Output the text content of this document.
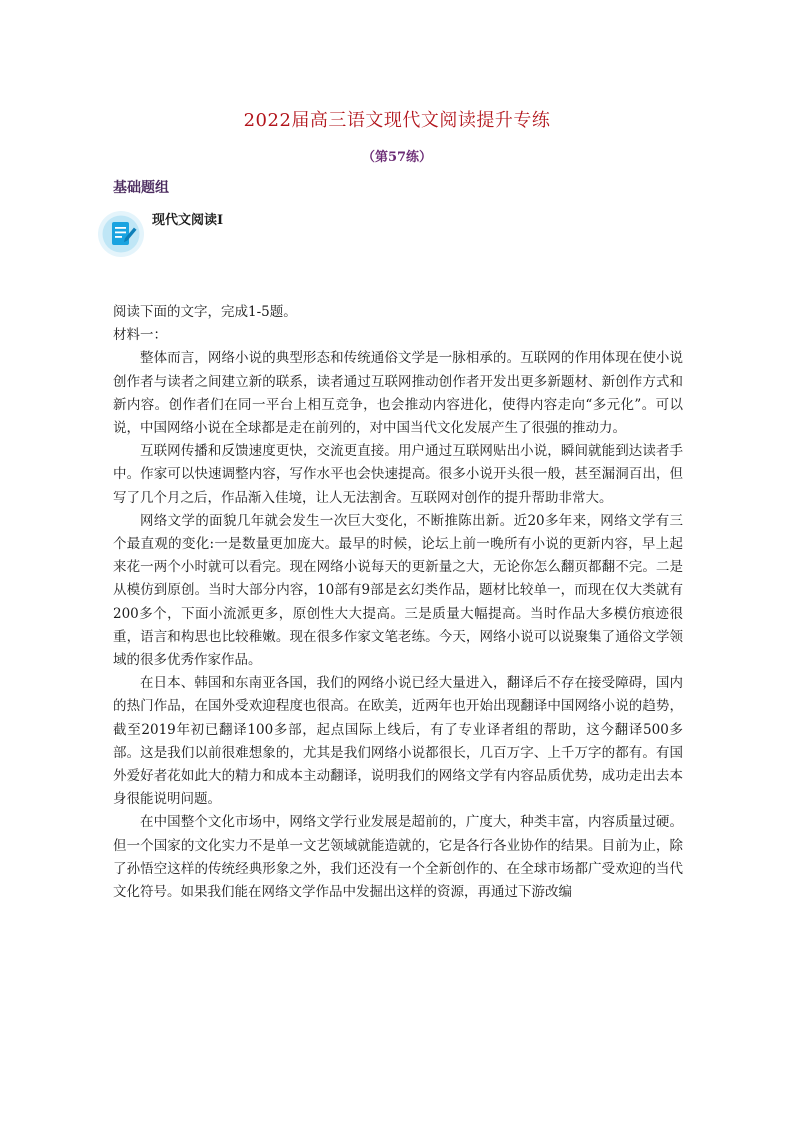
2022届高三语文现代文阅读提升专练
（第57练）
基础题组
现代文阅读Ⅰ

阅读下面的文字，完成1-5题。

材料一：

整体而言，网络小说的典型形态和传统通俗文学是一脉相承的。互联网的作用体现在使小说创作者与读者之间建立新的联系，读者通过互联网推动创作者开发出更多新题材、新创作方式和新内容。创作者们在同一平台上相互竞争，也会推动内容进化，使得内容走向“多元化”。可以说，中国网络小说在全球都是走在前列的，对中国当代文化发展产生了很强的推动力。

互联网传播和反馈速度更快，交流更直接。用户通过互联网贴出小说，瞬间就能到达读者手中。作家可以快速调整内容，写作水平也会快速提高。很多小说开头很一般，甚至漏洞百出，但写了几个月之后，作品渐入佳境，让人无法割舍。互联网对创作的提升帮助非常大。

网络文学的面貌几年就会发生一次巨大变化，不断推陈出新。近20多年来，网络文学有三个最直观的变化:一是数量更加庞大。最早的时候，论坛上前一晚所有小说的更新内容，早上起来花一两个小时就可以看完。现在网络小说每天的更新量之大，无论你怎么翻页都翻不完。二是从模仿到原创。当时大部分内容，10部有9部是玄幻类作品，题材比较单一，而现在仅大类就有200多个，下面小流派更多，原创性大大提高。三是质量大幅提高。当时作品大多模仿痕迹很重，语言和构思也比较稚嫩。现在很多作家文笔老练。今天，网络小说可以说聚集了通俗文学领域的很多优秀作家作品。

在日本、韩国和东南亚各国，我们的网络小说已经大量进入，翻译后不存在接受障碍，国内的热门作品，在国外受欢迎程度也很高。在欧美，近两年也开始出现翻译中国网络小说的趋势，截至2019年初已翻译100多部，起点国际上线后，有了专业译者组的帮助，这今翻译500多部。这是我们以前很难想象的，尤其是我们网络小说都很长，几百万字、上千万字的都有。有国外爱好者花如此大的精力和成本主动翻译，说明我们的网络文学有内容品质优势，成功走出去本身很能说明问题。

在中国整个文化市场中，网络文学行业发展是超前的，广度大，种类丰富，内容质量过硬。但一个国家的文化实力不是单一文艺领域就能造就的，它是各行各业协作的结果。目前为止，除了孙悟空这样的传统经典形象之外，我们还没有一个全新创作的、在全球市场都广受欢迎的当代文化符号。如果我们能在网络文学作品中发掘出这样的资源，再通过下游改编
